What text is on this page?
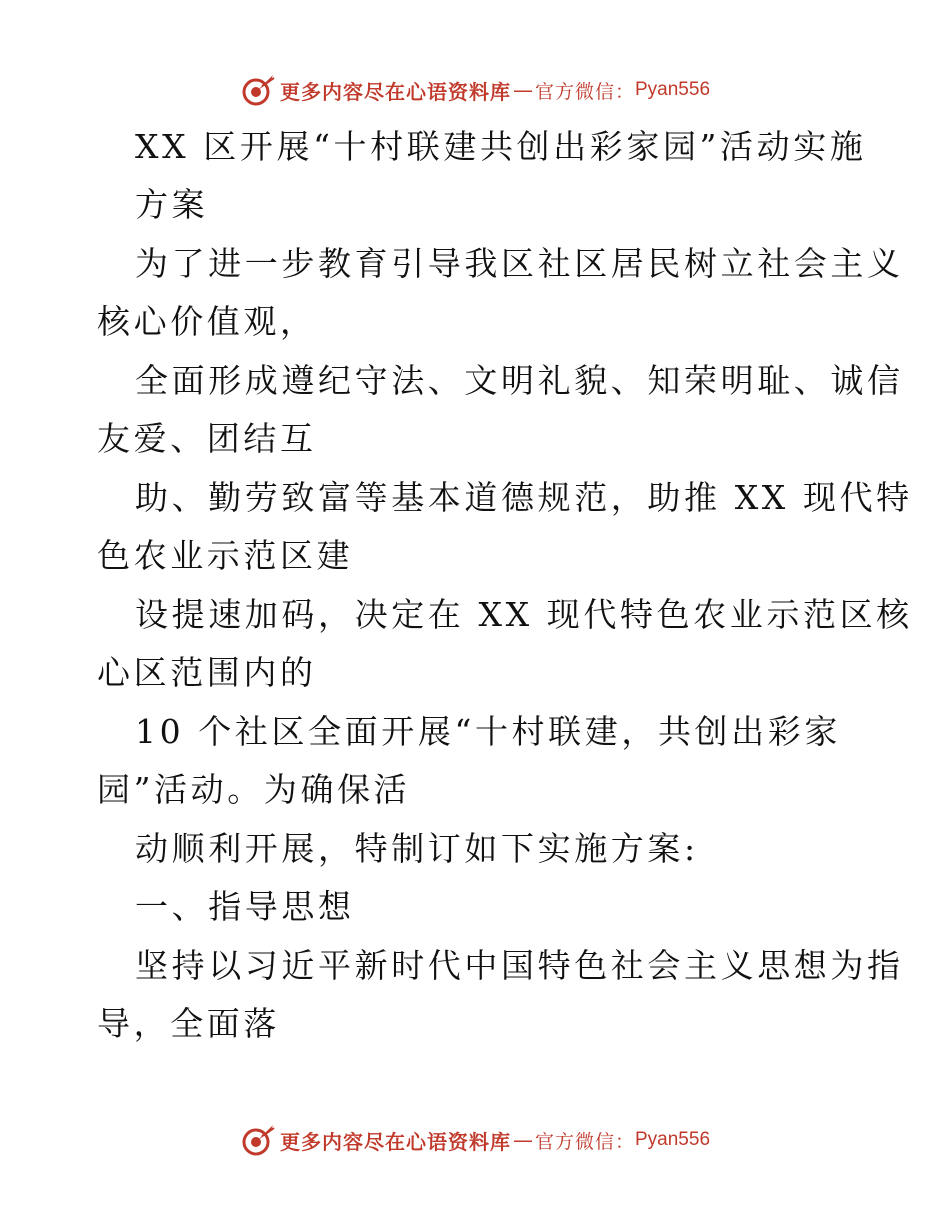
更多内容尽在心语资料库 — 官方微信： Pyan556
XX 区开展“十村联建共创出彩家园”活动实施
方案
为了进一步教育引导我区社区居民树立社会主义
核心价值观，
全面形成遵纪守法、文明礼貌、知荣明耻、诚信
友爱、团结互
助、勤劳致富等基本道德规范，助推 XX 现代特
色农业示范区建
设提速加码，决定在 XX 现代特色农业示范区核
心区范围内的
10 个社区全面开展“十村联建，共创出彩家
园”活动。为确保活
动顺利开展，特制订如下实施方案:
一、指导思想
坚持以习近平新时代中国特色社会主义思想为指
导，全面落
更多内容尽在心语资料库 — 官方微信： Pyan556
